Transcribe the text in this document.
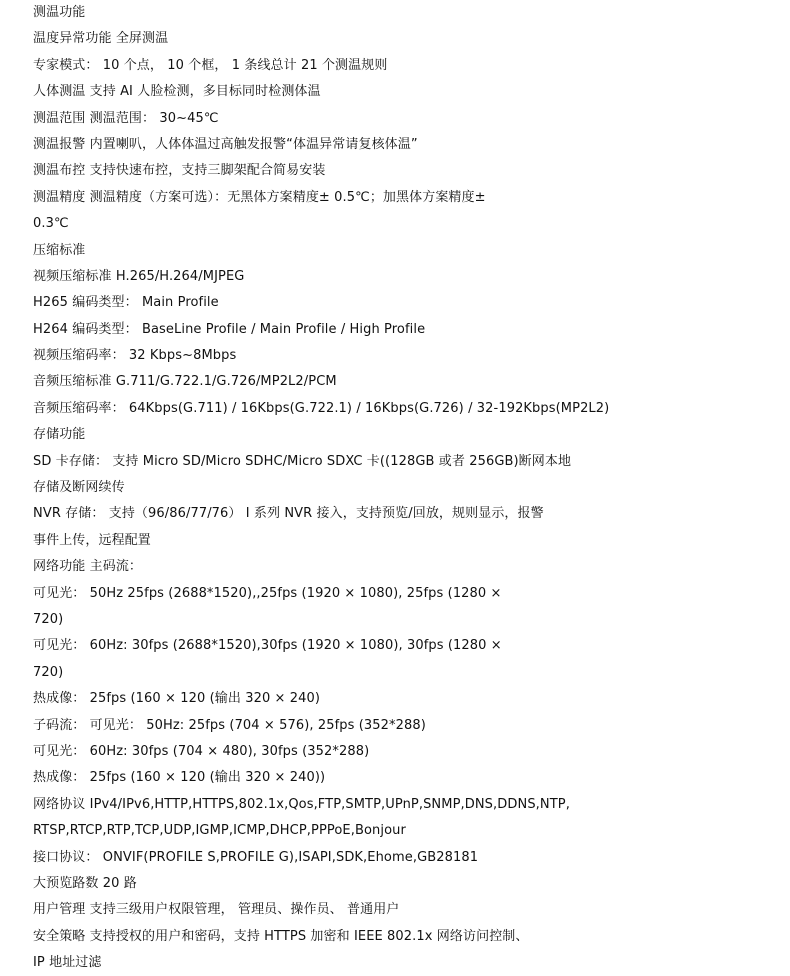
测温功能
温度异常功能 全屏测温
专家模式： 10 个点， 10 个框， 1 条线总计 21 个测温规则
人体测温 支持 AI 人脸检测，多目标同时检测体温
测温范围 测温范围： 30~45℃
测温报警 内置喇叭，人体体温过高触发报警“体温异常请复核体温”
测温布控 支持快速布控，支持三脚架配合简易安装
测温精度 测温精度（方案可选）：无黑体方案精度± 0.5℃；加黑体方案精度±
0.3℃
压缩标准
视频压缩标准 H.265/H.264/MJPEG
H265 编码类型： Main Profile
H264 编码类型： BaseLine Profile / Main Profile / High Profile
视频压缩码率： 32 Kbps~8Mbps
音频压缩标准 G.711/G.722.1/G.726/MP2L2/PCM
音频压缩码率： 64Kbps(G.711) / 16Kbps(G.722.1) / 16Kbps(G.726) / 32-192Kbps(MP2L2)
存储功能
SD 卡存储： 支持 Micro SD/Micro SDHC/Micro SDXC 卡((128GB 或者 256GB)断网本地
存储及断网续传
NVR 存储： 支持（96/86/77/76） I 系列 NVR 接入，支持预览/回放，规则显示，报警
事件上传，远程配置
网络功能 主码流：
可见光： 50Hz 25fps (2688*1520),,25fps (1920 × 1080), 25fps (1280 ×
720)
可见光： 60Hz: 30fps (2688*1520),30fps (1920 × 1080), 30fps (1280 ×
720)
热成像： 25fps (160 × 120 (输出 320 × 240)
子码流： 可见光： 50Hz: 25fps (704 × 576), 25fps (352*288)
可见光： 60Hz: 30fps (704 × 480), 30fps (352*288)
热成像： 25fps (160 × 120 (输出 320 × 240))
网络协议 IPv4/IPv6,HTTP,HTTPS,802.1x,Qos,FTP,SMTP,UPnP,SNMP,DNS,DDNS,NTP,
RTSP,RTCP,RTP,TCP,UDP,IGMP,ICMP,DHCP,PPPoE,Bonjour
接口协议： ONVIF(PROFILE S,PROFILE G),ISAPI,SDK,Ehome,GB28181
大预览路数 20 路
用户管理 支持三级用户权限管理， 管理员、操作员、 普通用户
安全策略 支持授权的用户和密码，支持 HTTPS 加密和 IEEE 802.1x 网络访问控制、
IP 地址过滤
